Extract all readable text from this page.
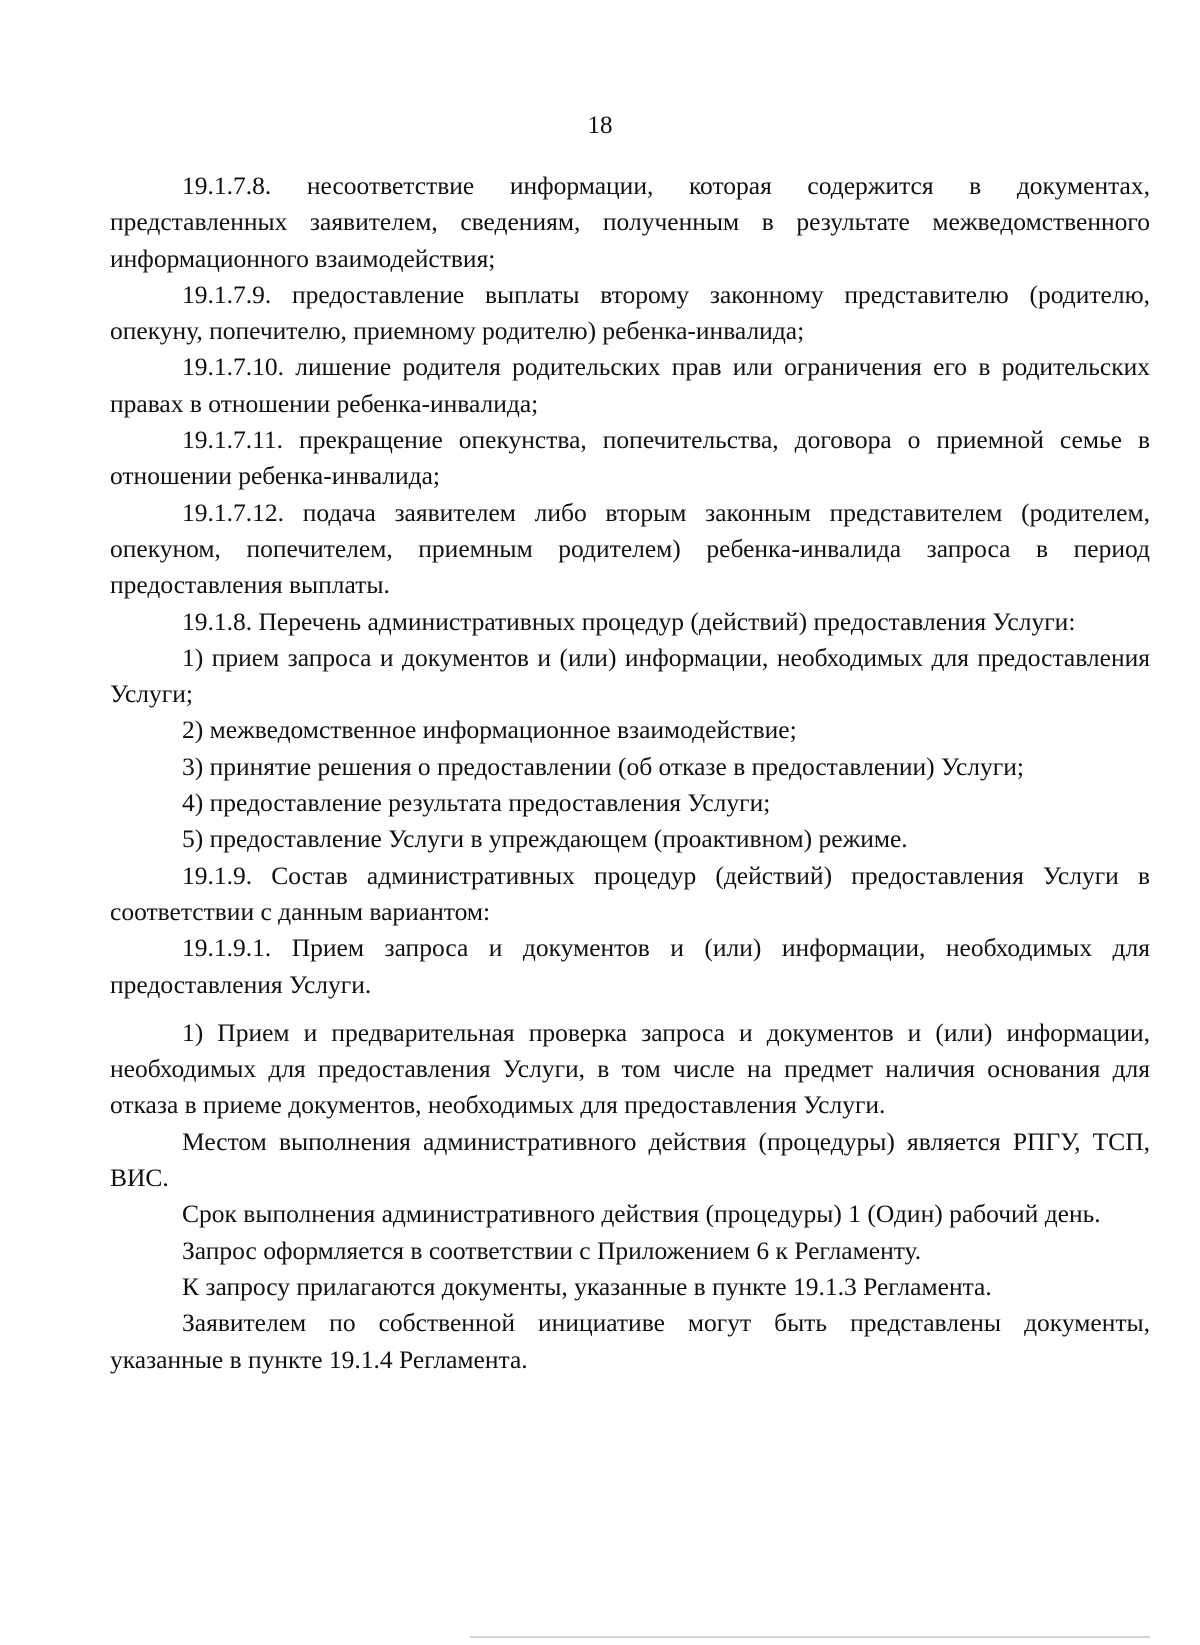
18

19.1.7.8. несоответствие информации, которая содержится в документах, представленных заявителем, сведениям, полученным в результате межведомственного информационного взаимодействия;

19.1.7.9. предоставление выплаты второму законному представителю (родителю, опекуну, попечителю, приемному родителю) ребенка-инвалида;

19.1.7.10. лишение родителя родительских прав или ограничения его в родительских правах в отношении ребенка-инвалида;

19.1.7.11. прекращение опекунства, попечительства, договора о приемной семье в отношении ребенка-инвалида;

19.1.7.12. подача заявителем либо вторым законным представителем (родителем, опекуном, попечителем, приемным родителем) ребенка-инвалида запроса в период предоставления выплаты.

19.1.8. Перечень административных процедур (действий) предоставления Услуги:

1) прием запроса и документов и (или) информации, необходимых для предоставления Услуги;

2) межведомственное информационное взаимодействие;

3) принятие решения о предоставлении (об отказе в предоставлении) Услуги;

4) предоставление результата предоставления Услуги;

5) предоставление Услуги в упреждающем (проактивном) режиме.

19.1.9. Состав административных процедур (действий) предоставления Услуги в соответствии с данным вариантом:

19.1.9.1. Прием запроса и документов и (или) информации, необходимых для предоставления Услуги.

1) Прием и предварительная проверка запроса и документов и (или) информации, необходимых для предоставления Услуги, в том числе на предмет наличия основания для отказа в приеме документов, необходимых для предоставления Услуги.

Местом выполнения административного действия (процедуры) является РПГУ, ТСП, ВИС.

Срок выполнения административного действия (процедуры) 1 (Один) рабочий день.

Запрос оформляется в соответствии с Приложением 6 к Регламенту.

К запросу прилагаются документы, указанные в пункте 19.1.3 Регламента.

Заявителем по собственной инициативе могут быть представлены документы, указанные в пункте 19.1.4 Регламента.
